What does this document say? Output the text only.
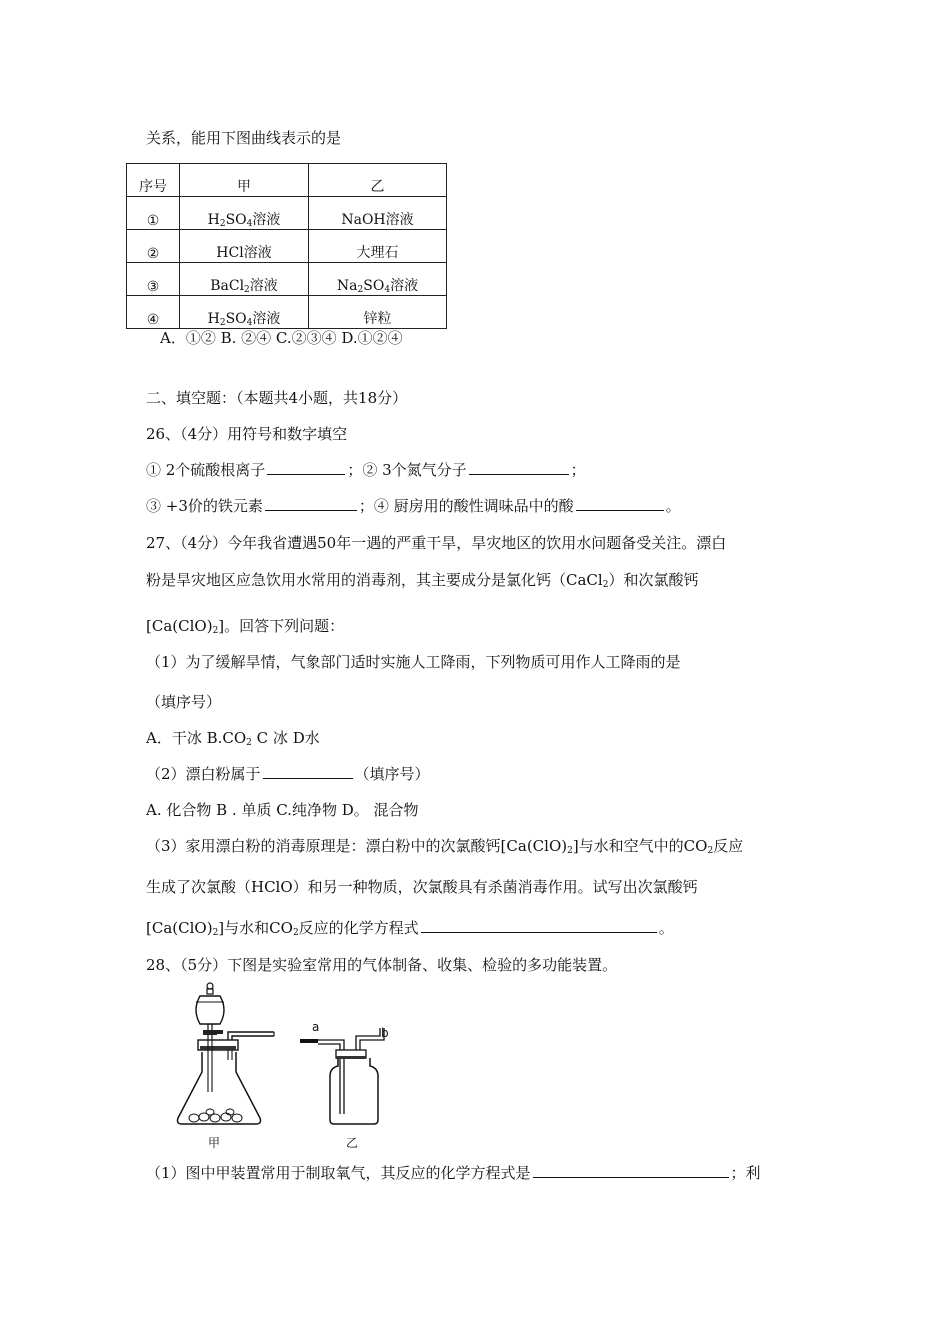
关系，能用下图曲线表示的是
序号	甲	乙
①	$H_2SO_4$溶液	NaOH溶液
②	HCl溶液	大理石
③	BaCl$_2$溶液	$Na_2SO_4$溶液
④	$H_2SO_4$溶液	锌粒
A．①② B. ②④ C.②③④ D.①②④
二、填空题：（本题共4小题，共18分）
26、（4分）用符号和数字填空
① 2个硫酸根离子	；② 3个氮气分子	；
③ +3价的铁元素	；④ 厨房用的酸性调味品中的酸	。
27、（4分）今年我省遭遇50年一遇的严重干旱，旱灾地区的饮用水问题备受关注。漂白
粉是旱灾地区应急饮用水常用的消毒剂，其主要成分是氯化钙（CaCl$_2$）和次氯酸钙
$[Ca(ClO)_2]$。回答下列问题：
（1）为了缓解旱情，气象部门适时实施人工降雨，下列物质可用作人工降雨的是
（填序号）
A．干冰 $B.CO_2$ C 冰 D水
（2）漂白粉属于	（填序号）
A. 化合物 B . 单质 C.纯净物 D。 混合物
（3）家用漂白粉的消毒原理是：漂白粉中的次氯酸钙$[Ca(ClO)_2]$与水和空气中的$CO_2$反应
生成了次氯酸（HClO）和另一种物质，次氯酸具有杀菌消毒作用。试写出次氯酸钙
$[Ca(ClO)_2]$与水和$CO_2$反应的化学方程式	。
28、（5分）下图是实验室常用的气体制备、收集、检验的多功能装置。
甲
a	b
乙
（1）图中甲装置常用于制取氧气，其反应的化学方程式是	；利
